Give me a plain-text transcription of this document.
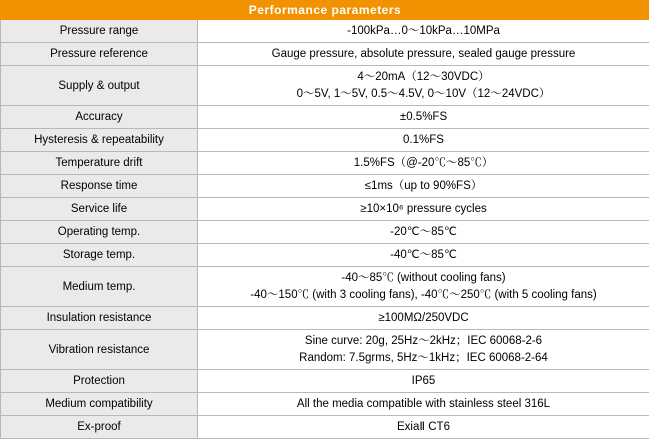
Performance parameters	
Pressure range	-100kPa…0～10kPa…10MPa

Pressure reference	Gauge pressure, absolute pressure, sealed gauge pressure

Supply & output	4～20mA（12～30VDC）
0～5V, 1～5V, 0.5～4.5V, 0～10V（12～24VDC）

Accuracy	±0.5%FS

Hysteresis & repeatability	0.1%FS

Temperature drift	1.5%FS（@-20℃～85℃）

Response time	≤1ms（up to 90%FS）

Service life	≥10×10⁶ pressure cycles

Operating temp.	-20℃～85℃

Storage temp.	-40℃～85℃

Medium temp.	-40～85℃ (without cooling fans)
-40～150℃ (with 3 cooling fans), -40℃～250℃ (with 5 cooling fans)

Insulation resistance	≥100MΩ/250VDC

Vibration resistance	Sine curve: 20g, 25Hz～2kHz；IEC 60068-2-6
Random: 7.5grms, 5Hz～1kHz；IEC 60068-2-64

Protection	IP65

Medium compatibility	All the media compatible with stainless steel 316L

Ex-proof	ExiaⅡ CT6
